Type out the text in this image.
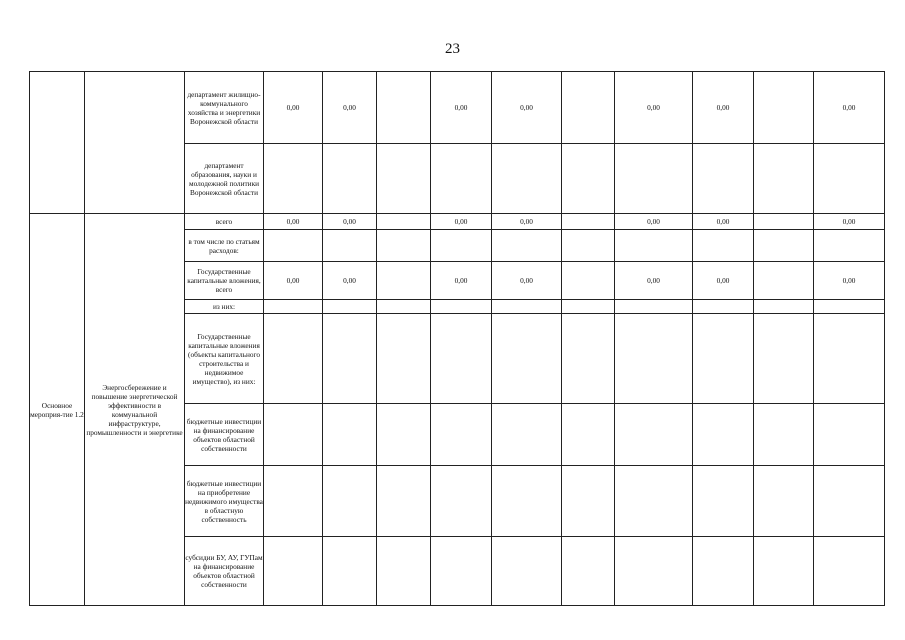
23
		департамент жилищно-коммунального хозяйства и энергетики Воронежской области	0,00	0,00		0,00	0,00		0,00	0,00		0,00
		департамент образования, науки и молодежной политики Воронежской области										
Основное мероприя-тие 1.2	Энергосбережение и повышение энергетической эффективности в коммунальной инфраструктуре, промышленности и энергетике	всего	0,00	0,00		0,00	0,00		0,00	0,00		0,00
		в том числе по статьям расходов:										
		Государственные капитальные вложения, всего	0,00	0,00		0,00	0,00		0,00	0,00		0,00
		из них:										
		Государственные капитальные вложения (объекты капитального строительства и недвижимое имущество), из них:										
		бюджетные инвестиции на финансирование объектов областной собственности										
		бюджетные инвестиции на приобретение недвижимого имущества в областную собственность										
		субсидии БУ, АУ, ГУПам на финансирование объектов областной собственности										
